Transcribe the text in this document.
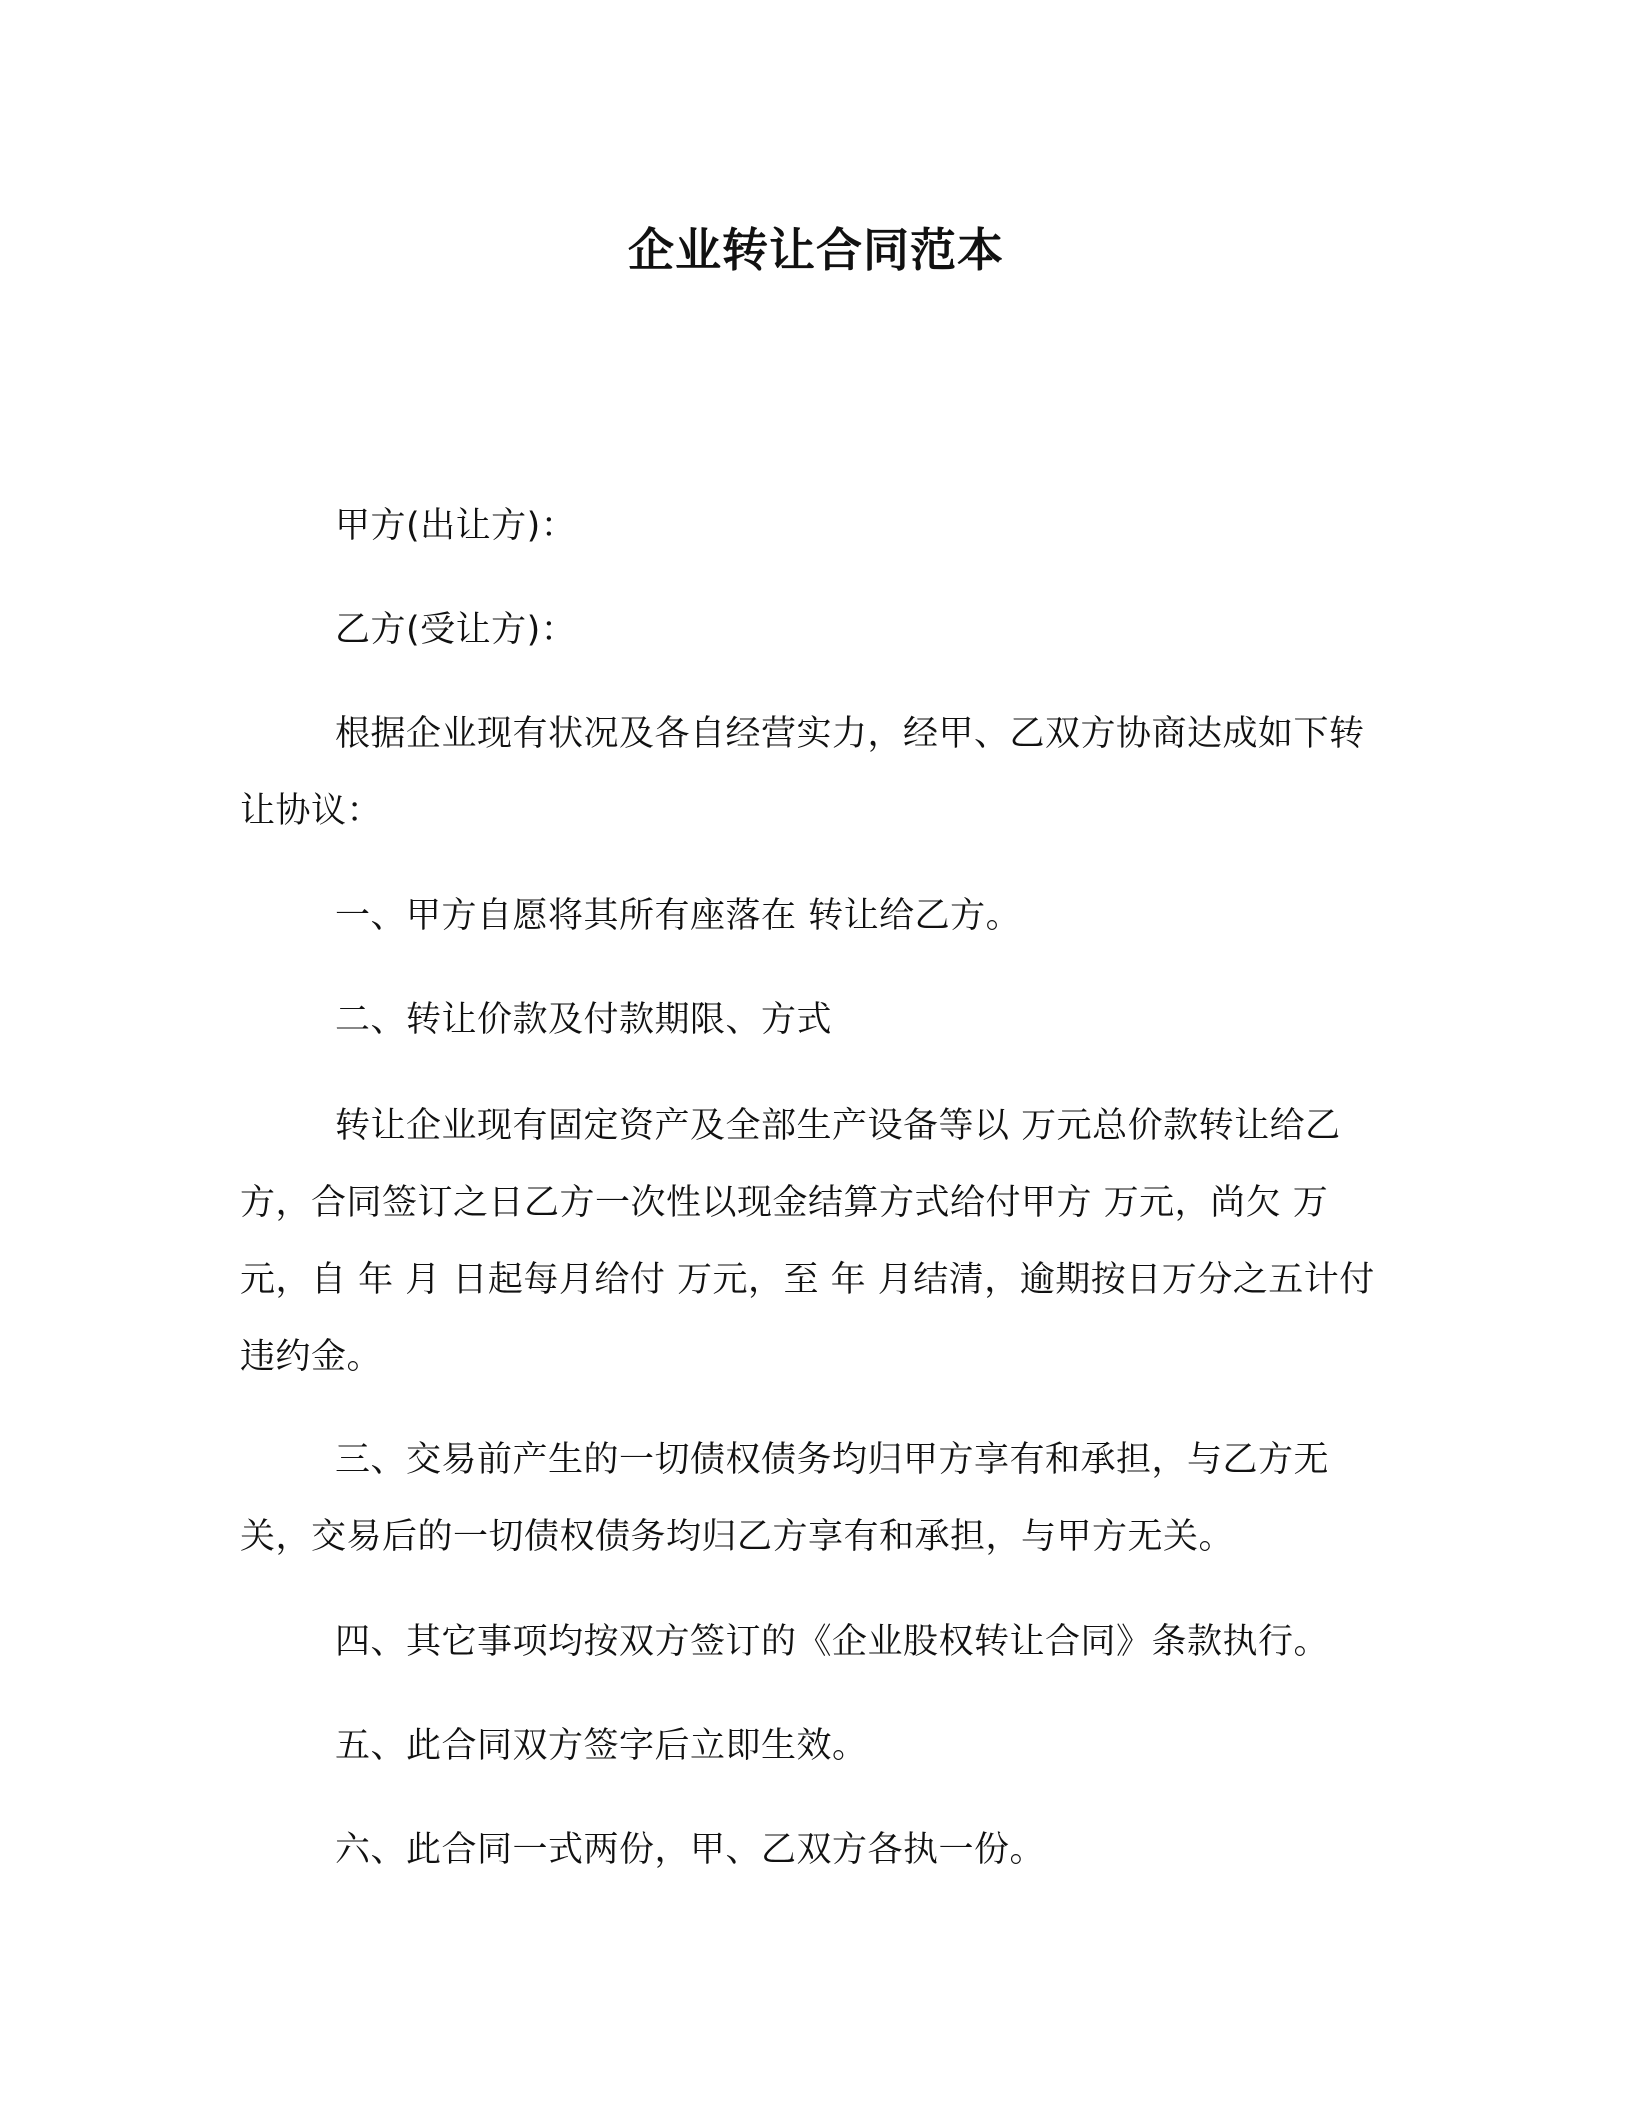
企业转让合同范本

甲方(出让方)：

乙方(受让方)：

根据企业现有状况及各自经营实力，经甲、乙双方协商达成如下转让协议：

一、甲方自愿将其所有座落在 转让给乙方。

二、转让价款及付款期限、方式

转让企业现有固定资产及全部生产设备等以 万元总价款转让给乙方，合同签订之日乙方一次性以现金结算方式给付甲方 万元，尚欠 万元，自 年 月 日起每月给付 万元，至 年 月结清，逾期按日万分之五计付违约金。

三、交易前产生的一切债权债务均归甲方享有和承担，与乙方无关，交易后的一切债权债务均归乙方享有和承担，与甲方无关。

四、其它事项均按双方签订的《企业股权转让合同》条款执行。

五、此合同双方签字后立即生效。

六、此合同一式两份，甲、乙双方各执一份。
